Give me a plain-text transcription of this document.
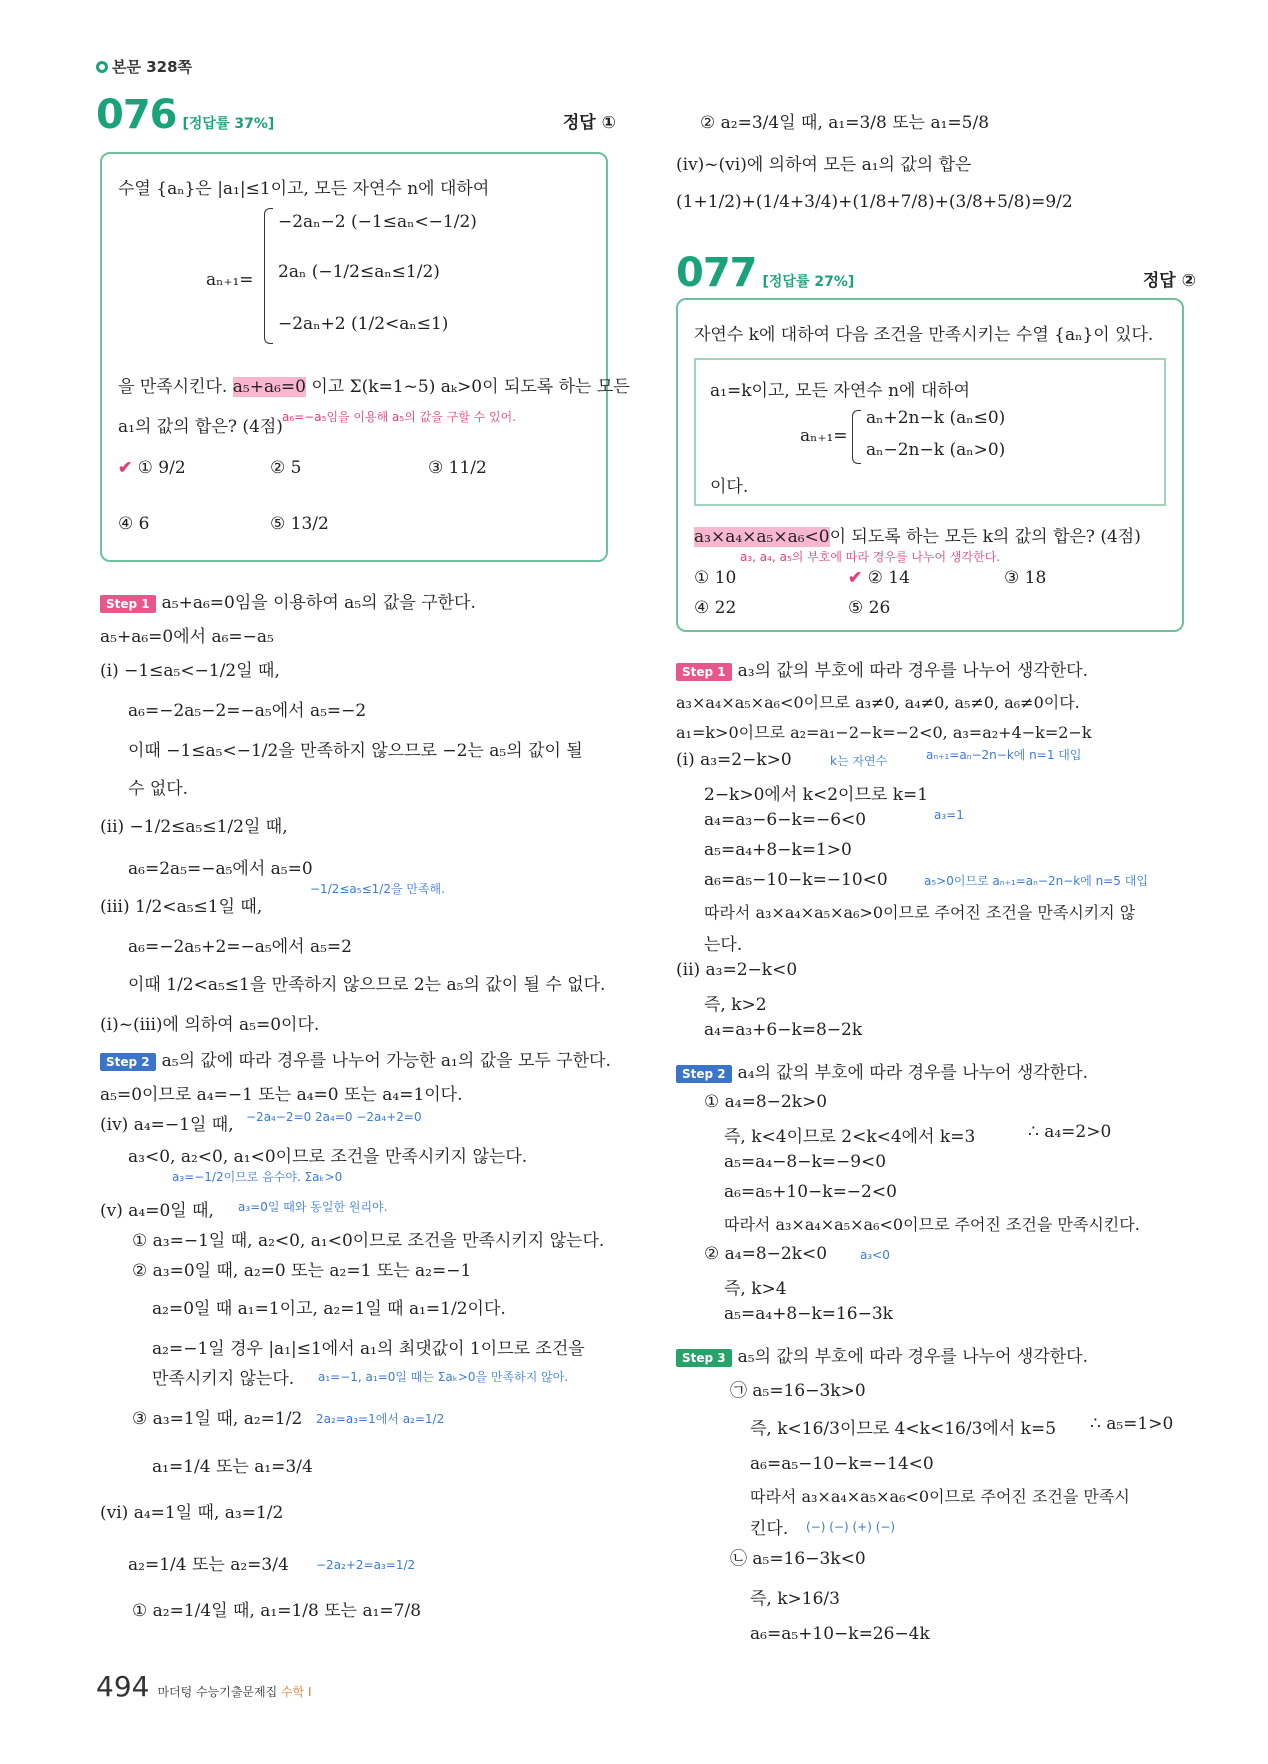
본문 328쪽
076 [정답률 37%]	정답 ①
수열 {aₙ}은 |a₁|≤1이고, 모든 자연수 n에 대하여
aₙ₊₁=
−2aₙ−2 (−1≤aₙ<−1/2)
2aₙ (−1/2≤aₙ≤1/2)
−2aₙ+2 (1/2<aₙ≤1)
을 만족시킨다. a₅+a₆=0 이고 Σ(k=1~5) aₖ>0이 되도록 하는 모든
a₁의 값의 합은? (4점) a₆=−a₅임을 이용해 a₅의 값을 구할 수 있어.
✔ ① 9/2	② 5	③ 11/2
④ 6	⑤ 13/2
Step 1 a₅+a₆=0임을 이용하여 a₅의 값을 구한다.
a₅+a₆=0에서 a₆=−a₅
(i) −1≤a₅<−1/2일 때,
a₆=−2a₅−2=−a₅에서 a₅=−2
이때 −1≤a₅<−1/2을 만족하지 않으므로 −2는 a₅의 값이 될
수 없다.
(ii) −1/2≤a₅≤1/2일 때,
a₆=2a₅=−a₅에서 a₅=0
−1/2≤a₅≤1/2을 만족해.
(iii) 1/2<a₅≤1일 때,
a₆=−2a₅+2=−a₅에서 a₅=2
이때 1/2<a₅≤1을 만족하지 않으므로 2는 a₅의 값이 될 수 없다.
(i)~(iii)에 의하여 a₅=0이다.
Step 2 a₅의 값에 따라 경우를 나누어 가능한 a₁의 값을 모두 구한다.
a₅=0이므로 a₄=−1 또는 a₄=0 또는 a₄=1이다.
(iv) a₄=−1일 때, −2a₄−2=0 2a₄=0 −2a₄+2=0
a₃<0, a₂<0, a₁<0이므로 조건을 만족시키지 않는다.
a₃=−1/2이므로 음수야. Σaₖ>0
(v) a₄=0일 때, a₃=0일 때와 동일한 원리야.
① a₃=−1일 때, a₂<0, a₁<0이므로 조건을 만족시키지 않는다.
② a₃=0일 때, a₂=0 또는 a₂=1 또는 a₂=−1
a₂=0일 때 a₁=1이고, a₂=1일 때 a₁=1/2이다.
a₂=−1일 경우 |a₁|≤1에서 a₁의 최댓값이 1이므로 조건을
만족시키지 않는다. a₁=−1, a₁=0일 때는 Σaₖ>0을 만족하지 않아.
③ a₃=1일 때, a₂=1/2 2a₂=a₃=1에서 a₂=1/2
a₁=1/4 또는 a₁=3/4
(vi) a₄=1일 때, a₃=1/2
a₂=1/4 또는 a₂=3/4 −2a₂+2=a₃=1/2
① a₂=1/4일 때, a₁=1/8 또는 a₁=7/8
② a₂=3/4일 때, a₁=3/8 또는 a₁=5/8
(iv)~(vi)에 의하여 모든 a₁의 값의 합은
(1+1/2)+(1/4+3/4)+(1/8+7/8)+(3/8+5/8)=9/2
077 [정답률 27%]	정답 ②
자연수 k에 대하여 다음 조건을 만족시키는 수열 {aₙ}이 있다.
a₁=k이고, 모든 자연수 n에 대하여
aₙ₊₁=
aₙ+2n−k (aₙ≤0)
aₙ−2n−k (aₙ>0)
이다.
a₃×a₄×a₅×a₆<0이 되도록 하는 모든 k의 값의 합은? (4점)
a₃, a₄, a₅의 부호에 따라 경우를 나누어 생각한다.
① 10	✔ ② 14	③ 18
④ 22	⑤ 26
Step 1 a₃의 값의 부호에 따라 경우를 나누어 생각한다.
a₃×a₄×a₅×a₆<0이므로 a₃≠0, a₄≠0, a₅≠0, a₆≠0이다.
a₁=k>0이므로 a₂=a₁−2−k=−2<0, a₃=a₂+4−k=2−k
(i) a₃=2−k>0	k는 자연수	aₙ₊₁=aₙ−2n−k에 n=1 대입
2−k>0에서 k<2이므로 k=1
a₃=1
a₄=a₃−6−k=−6<0
a₅=a₄+8−k=1>0
a₆=a₅−10−k=−10<0	a₅>0이므로 aₙ₊₁=aₙ−2n−k에 n=5 대입
따라서 a₃×a₄×a₅×a₆>0이므로 주어진 조건을 만족시키지 않
는다.
(ii) a₃=2−k<0
즉, k>2
a₄=a₃+6−k=8−2k
Step 2 a₄의 값의 부호에 따라 경우를 나누어 생각한다.
① a₄=8−2k>0
즉, k<4이므로 2<k<4에서 k=3	∴ a₄=2>0
a₅=a₄−8−k=−9<0
a₆=a₅+10−k=−2<0
따라서 a₃×a₄×a₅×a₆<0이므로 주어진 조건을 만족시킨다.
② a₄=8−2k<0	a₃<0
즉, k>4
a₅=a₄+8−k=16−3k
Step 3 a₅의 값의 부호에 따라 경우를 나누어 생각한다.
㉠ a₅=16−3k>0
즉, k<16/3이므로 4<k<16/3에서 k=5 ∴ a₅=1>0
a₆=a₅−10−k=−14<0
따라서 a₃×a₄×a₅×a₆<0이므로 주어진 조건을 만족시
킨다. (−) (−) (+) (−)
㉡ a₅=16−3k<0
즉, k>16/3
a₆=a₅+10−k=26−4k
494 마더텅 수능기출문제집 수학 I
